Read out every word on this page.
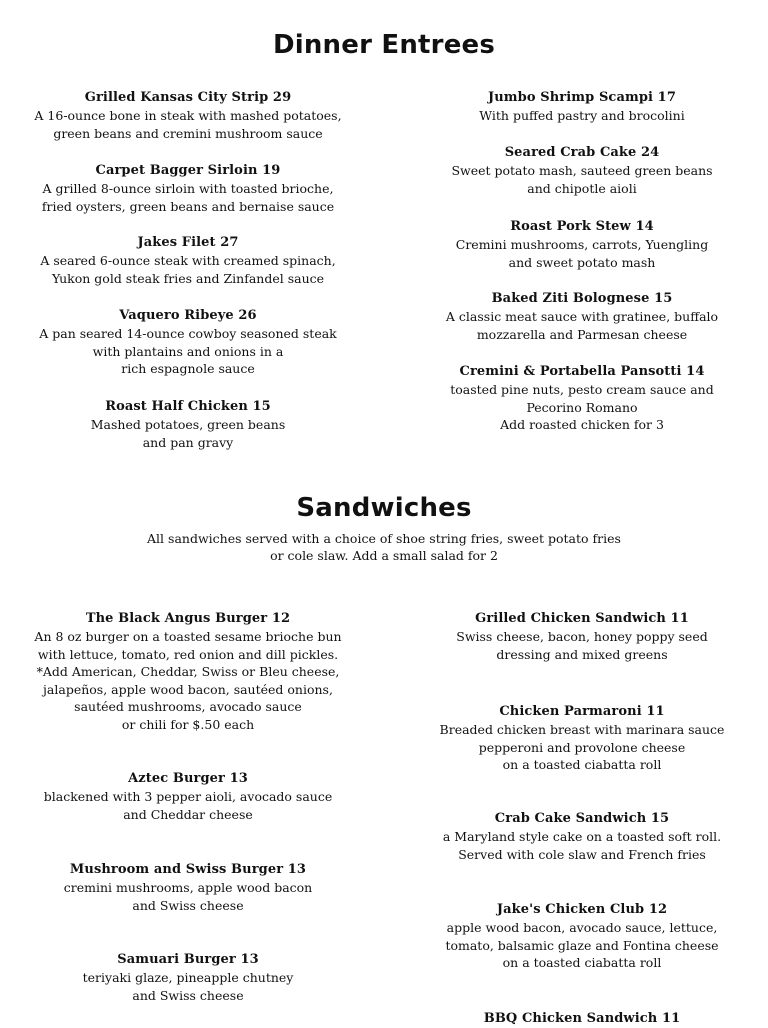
Dinner Entrees
Grilled Kansas City Strip 29
A 16-ounce bone in steak with mashed potatoes,
green beans and cremini mushroom sauce
Carpet Bagger Sirloin 19
A grilled 8-ounce sirloin with toasted brioche,
fried oysters, green beans and bernaise sauce
Jakes Filet 27
A seared 6-ounce steak with creamed spinach,
Yukon gold steak fries and Zinfandel sauce
Vaquero Ribeye 26
A pan seared 14-ounce cowboy seasoned steak
with plantains and onions in a
rich espagnole sauce
Roast Half Chicken 15
Mashed potatoes, green beans
and pan gravy
Jumbo Shrimp Scampi 17
With puffed pastry and brocolini
Seared Crab Cake 24
Sweet potato mash, sauteed green beans
and chipotle aioli
Roast Pork Stew 14
Cremini mushrooms, carrots, Yuengling
and sweet potato mash
Baked Ziti Bolognese 15
A classic meat sauce with gratinee, buffalo
mozzarella and Parmesan cheese
Cremini & Portabella Pansotti 14
toasted pine nuts, pesto cream sauce and
Pecorino Romano
Add roasted chicken for 3
Sandwiches
All sandwiches served with a choice of shoe string fries, sweet potato fries
or cole slaw. Add a small salad for 2
The Black Angus Burger 12
An 8 oz burger on a toasted sesame brioche bun
with lettuce, tomato, red onion and dill pickles.
*Add American, Cheddar, Swiss or Bleu cheese,
jalapeños, apple wood bacon, sautéed onions,
sautéed mushrooms, avocado sauce
or chili for $.50 each
Aztec Burger 13
blackened with 3 pepper aioli, avocado sauce
and Cheddar cheese
Mushroom and Swiss Burger 13
cremini mushrooms, apple wood bacon
and Swiss cheese
Samuari Burger 13
teriyaki glaze, pineapple chutney
and Swiss cheese
Grilled Chicken Sandwich 11
Swiss cheese, bacon, honey poppy seed
dressing and mixed greens
Chicken Parmaroni 11
Breaded chicken breast with marinara sauce
pepperoni and provolone cheese
on a toasted ciabatta roll
Crab Cake Sandwich 15
a Maryland style cake on a toasted soft roll.
Served with cole slaw and French fries
Jake's Chicken Club 12
apple wood bacon, avocado sauce, lettuce,
tomato, balsamic glaze and Fontina cheese
on a toasted ciabatta roll
BBQ Chicken Sandwich 11
